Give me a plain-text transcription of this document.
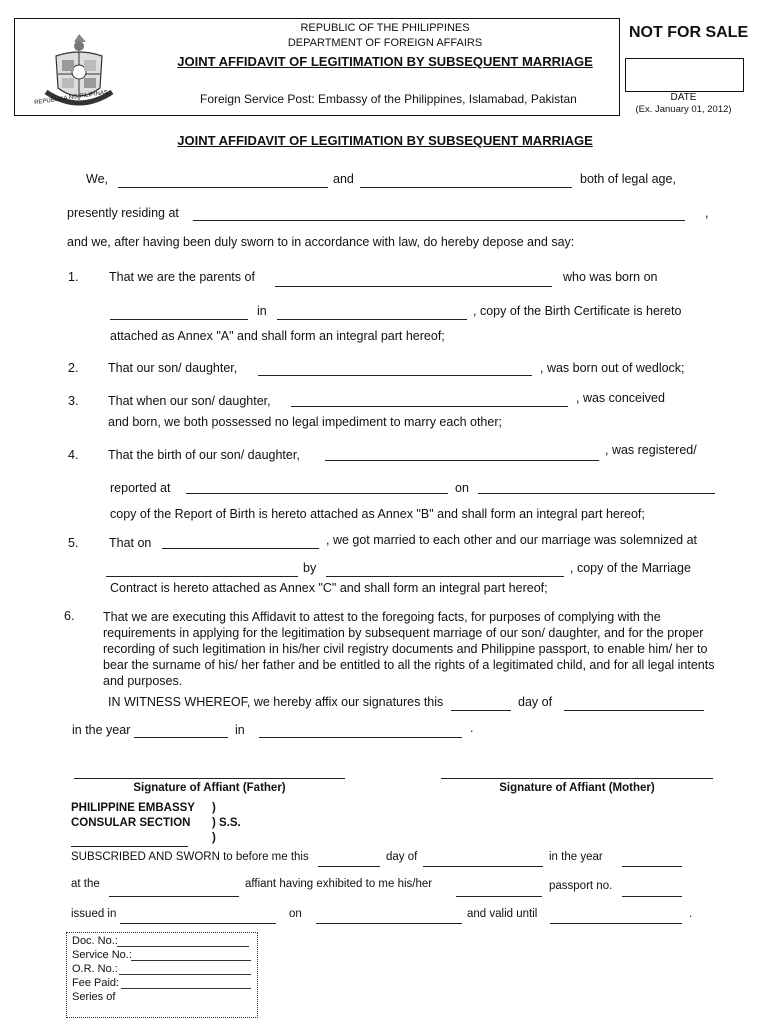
REPUBLIKA NG PILIPINAS
REPUBLIC OF THE PHILIPPINES
DEPARTMENT OF FOREIGN AFFAIRS
JOINT AFFIDAVIT OF LEGITIMATION BY SUBSEQUENT MARRIAGE
Foreign Service Post: Embassy of the Philippines, Islamabad, Pakistan
NOT FOR SALE
DATE
(Ex. January 01, 2012)
JOINT AFFIDAVIT OF LEGITIMATION BY SUBSEQUENT MARRIAGE
We,	and	both of legal age,
presently residing at	,
and we, after having been duly sworn to in accordance with law, do hereby depose and say:
1. That we are the parents of	who was born on
in	, copy of the Birth Certificate is hereto
attached as Annex "A" and shall form an integral part hereof;
2. That our son/ daughter,	, was born out of wedlock;
3. That when our son/ daughter,	, was conceived
and born, we both possessed no legal impediment to marry each other;
4. That the birth of our son/ daughter,	, was registered/
reported at	on
copy of the Report of Birth is hereto attached as Annex "B" and shall form an integral part hereof;
5. That on	, we got married to each other and our marriage was solemnized at
by	, copy of the Marriage
Contract is hereto attached as Annex "C" and shall form an integral part hereof;
6. That we are executing this Affidavit to attest to the foregoing facts, for purposes of complying with the requirements in applying for the legitimation by subsequent marriage of our son/ daughter, and for the proper recording of such legitimation in his/her civil registry documents and Philippine passport, to enable him/ her to bear the surname of his/ her father and be entitled to all the rights of a legitimated child, and for all legal intents and purposes.
IN WITNESS WHEREOF, we hereby affix our signatures this	day of
in the year	in	.
Signature of Affiant (Father)	Signature of Affiant (Mother)
PHILIPPINE EMBASSY )
CONSULAR SECTION ) S.S.
)
SUBSCRIBED AND SWORN to before me this	day of	in the year
at the	affiant having exhibited to me his/her	passport no.
issued in	on	and valid until	.
Doc. No.:
Service No.:
O.R. No.:
Fee Paid:
Series of
